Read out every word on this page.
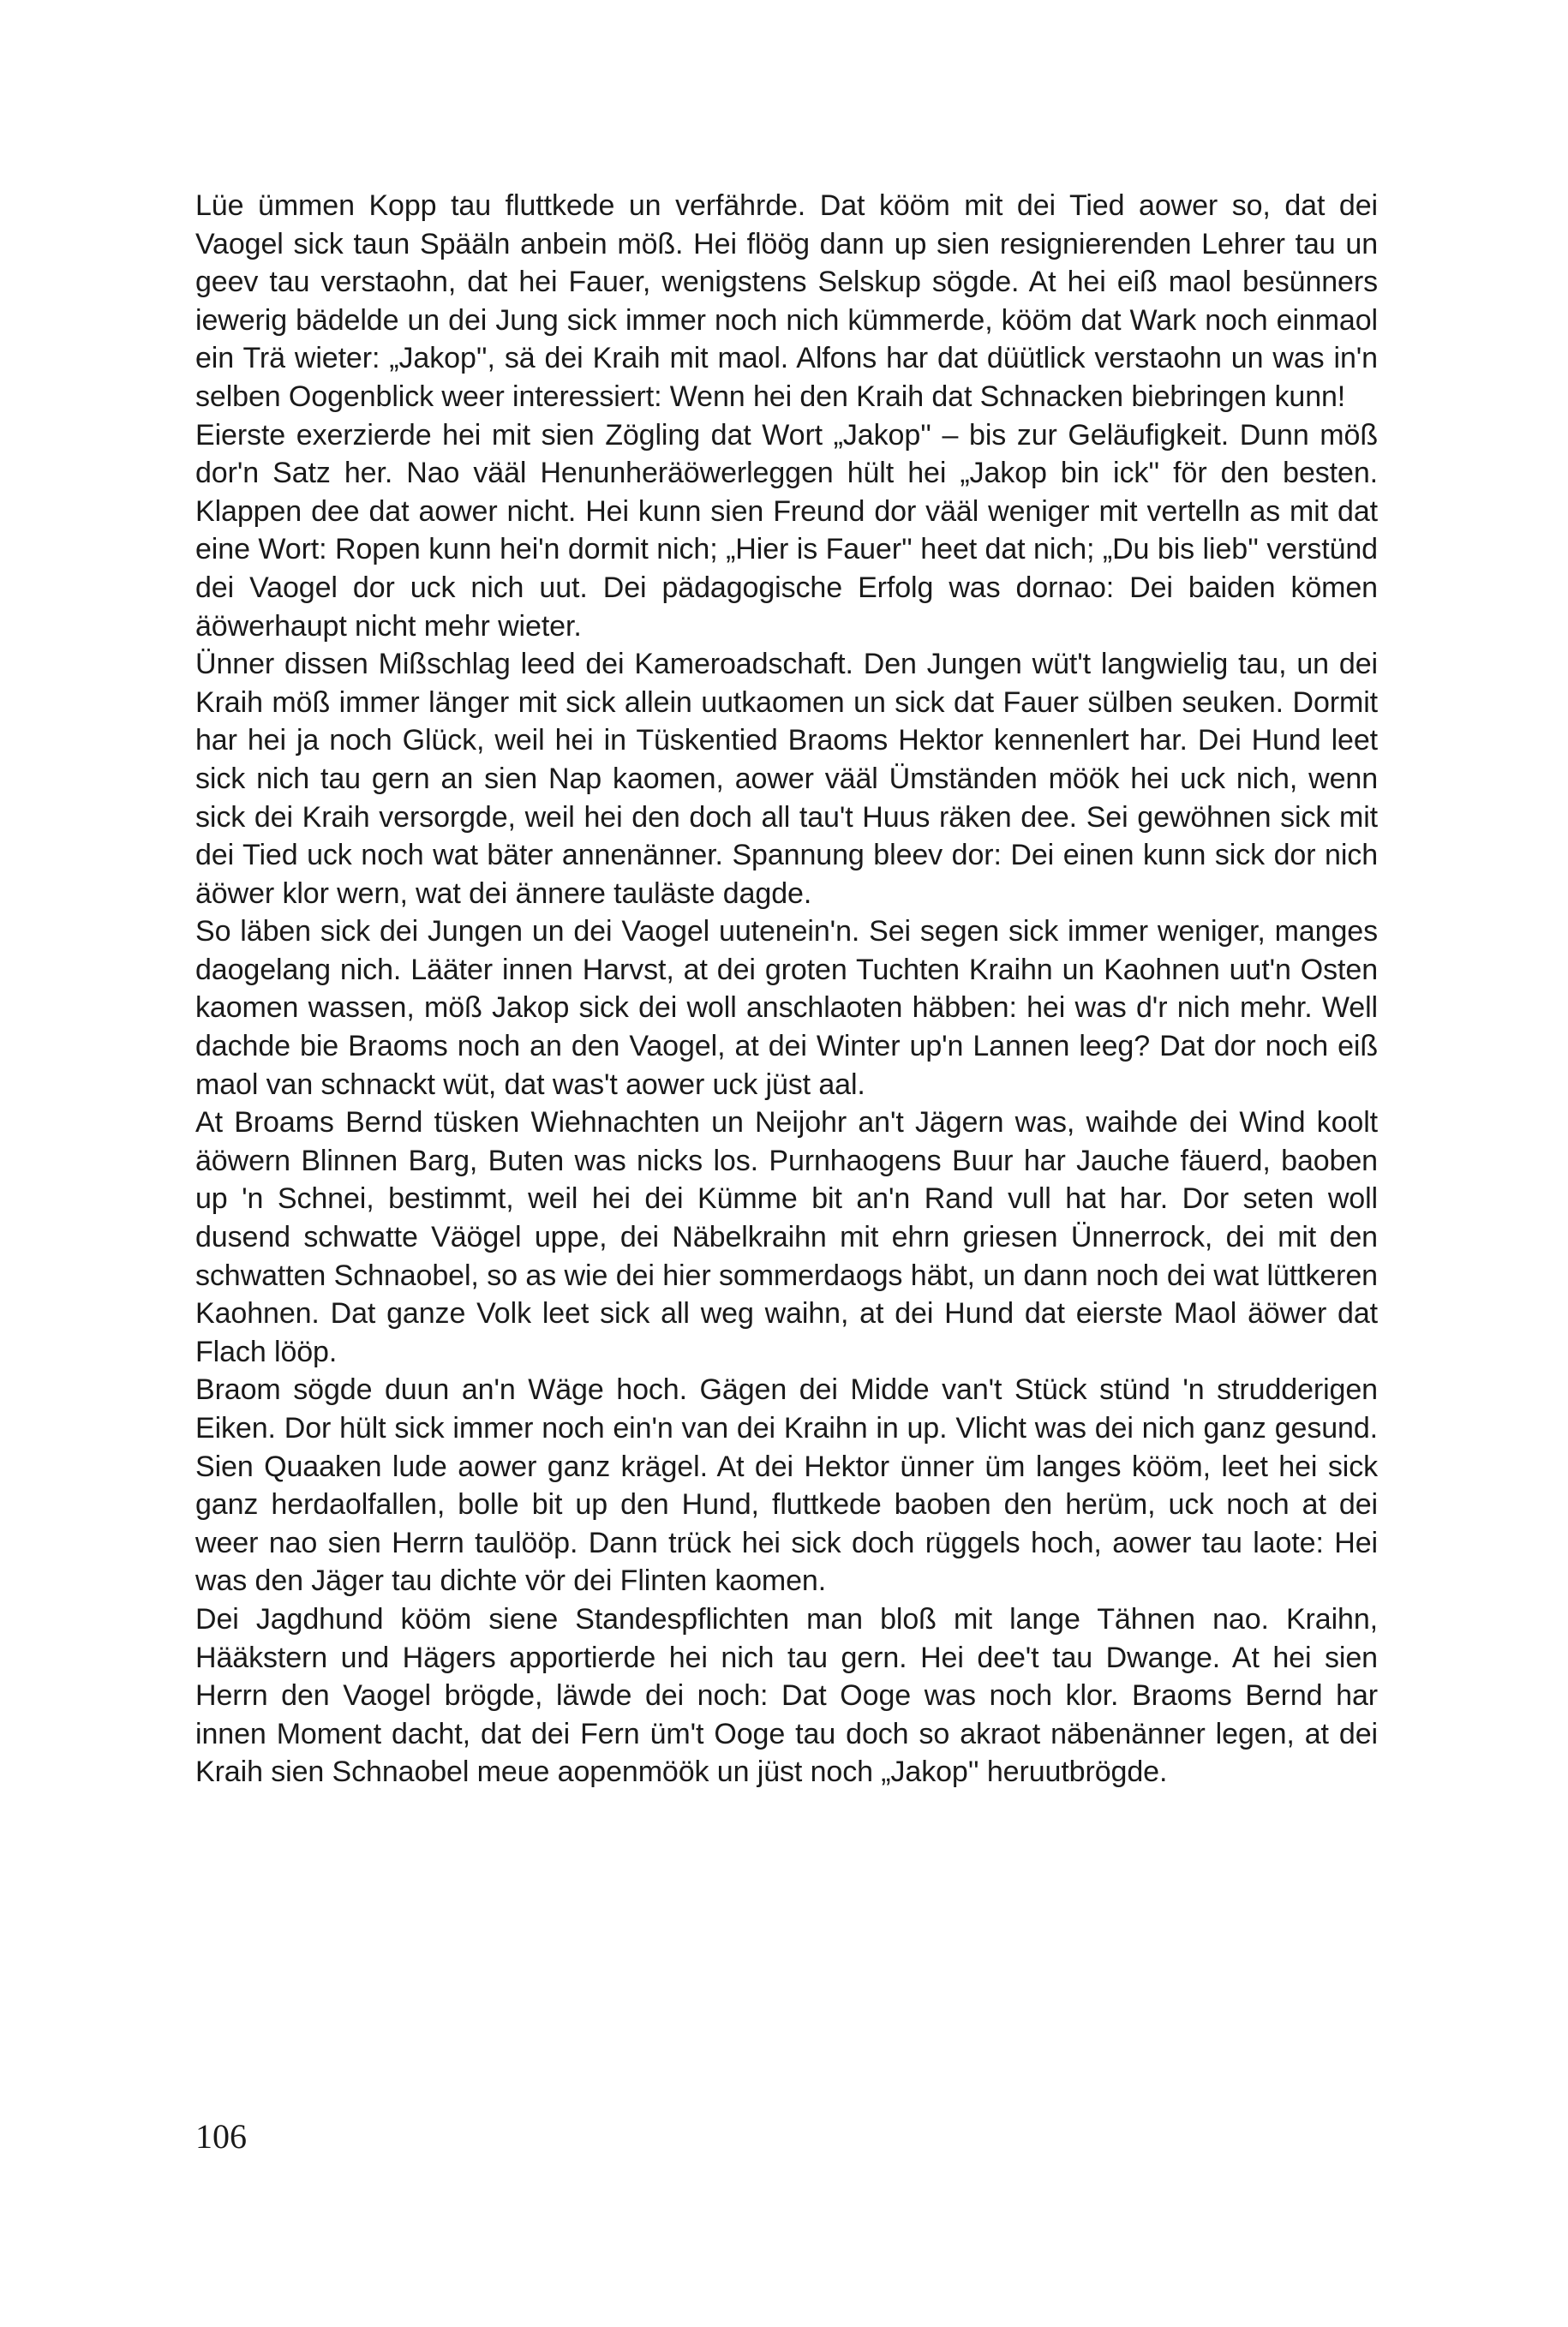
Lüe ümmen Kopp tau fluttkede un verfährde. Dat kööm mit dei Tied aower so, dat dei Vaogel sick taun Spääln anbein möß. Hei flöög dann up sien resignierenden Lehrer tau un geev tau verstaohn, dat hei Fauer, wenigstens Selskup sögde. At hei eiß maol besünners iewerig bädelde un dei Jung sick immer noch nich kümmerde, kööm dat Wark noch einmaol ein Trä wieter: „Jakop'', sä dei Kraih mit maol. Alfons har dat düütlick verstaohn un was in'n selben Oogenblick weer interessiert: Wenn hei den Kraih dat Schnacken biebringen kunn!

Eierste exerzierde hei mit sien Zögling dat Wort „Jakop'' – bis zur Geläufigkeit. Dunn möß dor'n Satz her. Nao vääl Henunheräöwerleggen hült hei „Jakop bin ick'' för den besten. Klappen dee dat aower nicht. Hei kunn sien Freund dor vääl weniger mit vertelln as mit dat eine Wort: Ropen kunn hei'n dormit nich; „Hier is Fauer'' heet dat nich; „Du bis lieb'' verstünd dei Vaogel dor uck nich uut. Dei pädagogische Erfolg was dornao: Dei baiden kömen äöwerhaupt nicht mehr wieter.

Ünner dissen Mißschlag leed dei Kameroadschaft. Den Jungen wüt't langwielig tau, un dei Kraih möß immer länger mit sick allein uutkaomen un sick dat Fauer sülben seuken. Dormit har hei ja noch Glück, weil hei in Tüskentied Braoms Hektor kennenlert har. Dei Hund leet sick nich tau gern an sien Nap kaomen, aower vääl Ümständen möök hei uck nich, wenn sick dei Kraih versorgde, weil hei den doch all tau't Huus räken dee. Sei gewöhnen sick mit dei Tied uck noch wat bäter annenänner. Spannung bleev dor: Dei einen kunn sick dor nich äöwer klor wern, wat dei ännere tauläste dagde.

So läben sick dei Jungen un dei Vaogel uutenein'n. Sei segen sick immer weniger, manges daogelang nich. Lääter innen Harvst, at dei groten Tuchten Kraihn un Kaohnen uut'n Osten kaomen wassen, möß Jakop sick dei woll anschlaoten häbben: hei was d'r nich mehr. Well dachde bie Braoms noch an den Vaogel, at dei Winter up'n Lannen leeg? Dat dor noch eiß maol van schnackt wüt, dat was't aower uck jüst aal.

At Broams Bernd tüsken Wiehnachten un Neijohr an't Jägern was, waihde dei Wind koolt äöwern Blinnen Barg, Buten was nicks los. Purnhaogens Buur har Jauche fäuerd, baoben up 'n Schnei, bestimmt, weil hei dei Kümme bit an'n Rand vull hat har. Dor seten woll dusend schwatte Väögel uppe, dei Näbelkraihn mit ehrn griesen Ünnerrock, dei mit den schwatten Schnaobel, so as wie dei hier sommerdaogs häbt, un dann noch dei wat lüttkeren Kaohnen. Dat ganze Volk leet sick all weg waihn, at dei Hund dat eierste Maol äöwer dat Flach lööp.

Braom sögde duun an'n Wäge hoch. Gägen dei Midde van't Stück stünd 'n strudderigen Eiken. Dor hült sick immer noch ein'n van dei Kraihn in up. Vlicht was dei nich ganz gesund. Sien Quaaken lude aower ganz krägel. At dei Hektor ünner üm langes kööm, leet hei sick ganz herdaolfallen, bolle bit up den Hund, fluttkede baoben den herüm, uck noch at dei weer nao sien Herrn taulööp. Dann trück hei sick doch rüggels hoch, aower tau laote: Hei was den Jäger tau dichte vör dei Flinten kaomen.

Dei Jagdhund kööm siene Standespflichten man bloß mit lange Tähnen nao. Kraihn, Hääkstern und Hägers apportierde hei nich tau gern. Hei dee't tau Dwange. At hei sien Herrn den Vaogel brögde, läwde dei noch: Dat Ooge was noch klor. Braoms Bernd har innen Moment dacht, dat dei Fern üm't Ooge tau doch so akraot näbenänner legen, at dei Kraih sien Schnaobel meue aopenmöök un jüst noch „Jakop'' heruutbrögde.

106
